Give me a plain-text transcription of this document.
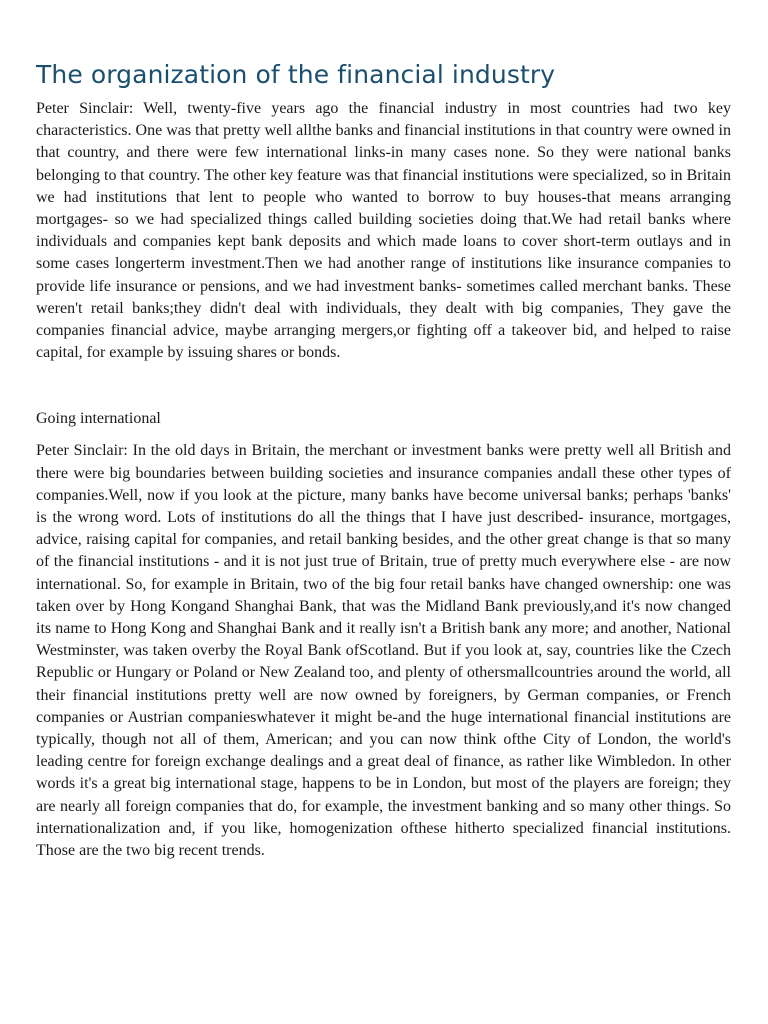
The organization of the financial industry

Peter Sinclair: Well, twenty-five years ago the financial industry in most countries had two key characteristics. One was that pretty well allthe banks and financial institutions in that country were owned in that country, and there were few international links-in many cases none. So they were national banks belonging to that country. The other key feature was that financial institutions were specialized, so in Britain we had institutions that lent to people who wanted to borrow to buy houses-that means arranging mortgages- so we had specialized things called building societies doing that.We had retail banks where individuals and companies kept bank deposits and which made loans to cover short-term outlays and in some cases longerterm investment.Then we had another range of institutions like insurance companies to provide life insurance or pensions, and we had investment banks- sometimes called merchant banks. These weren't retail banks;they didn't deal with individuals, they dealt with big companies, They gave the companies financial advice, maybe arranging mergers,or fighting off a takeover bid, and helped to raise capital, for example by issuing shares or bonds.

Going international

Peter Sinclair: In the old days in Britain, the merchant or investment banks were pretty well all British and there were big boundaries between building societies and insurance companies andall these other types of companies.Well, now if you look at the picture, many banks have become universal banks; perhaps 'banks' is the wrong word. Lots of institutions do all the things that I have just described- insurance, mortgages, advice, raising capital for companies, and retail banking besides, and the other great change is that so many of the financial institutions - and it is not just true of Britain, true of pretty much everywhere else - are now international. So, for example in Britain, two of the big four retail banks have changed ownership: one was taken over by Hong Kongand Shanghai Bank, that was the Midland Bank previously,and it's now changed its name to Hong Kong and Shanghai Bank and it really isn't a British bank any more; and another, National Westminster, was taken overby the Royal Bank ofScotland. But if you look at, say, countries like the Czech Republic or Hungary or Poland or New Zealand too, and plenty of othersmallcountries around the world, all their financial institutions pretty well are now owned by foreigners, by German companies, or French companies or Austrian companieswhatever it might be-and the huge international financial institutions are typically, though not all of them, American; and you can now think ofthe City of London, the world's leading centre for foreign exchange dealings and a great deal of finance, as rather like Wimbledon. In other words it's a great big international stage, happens to be in London, but most of the players are foreign; they are nearly all foreign companies that do, for example, the investment banking and so many other things. So internationalization and, if you like, homogenization ofthese hitherto specialized financial institutions. Those are the two big recent trends.
